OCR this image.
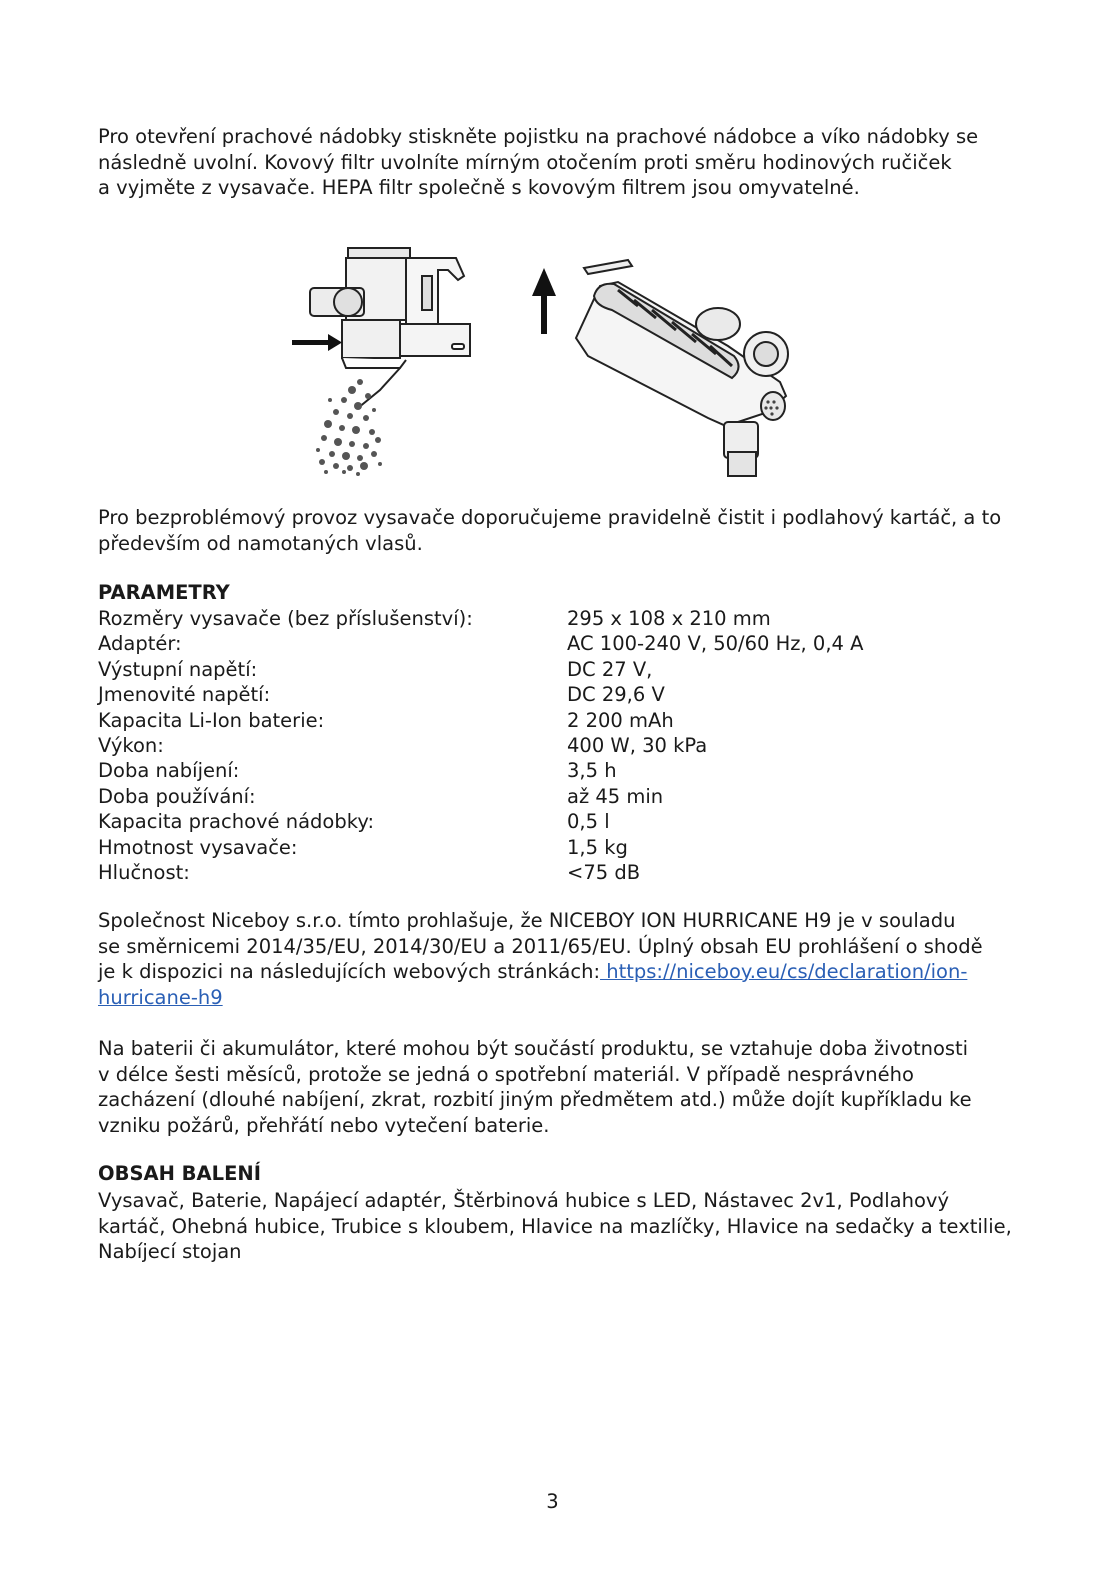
Pro otevření prachové nádobky stiskněte pojistku na prachové nádobce a víko nádobky se
následně uvolní. Kovový filtr uvolníte mírným otočením proti směru hodinových ručiček
a vyjměte z vysavače. HEPA filtr společně s kovovým filtrem jsou omyvatelné.

Pro bezproblémový provoz vysavače doporučujeme pravidelně čistit i podlahový kartáč, a to
především od namotaných vlasů.

PARAMETRY
Rozměry vysavače (bez příslušenství):	295 x 108 x 210 mm
Adaptér:	AC 100-240 V, 50/60 Hz, 0,4 A
Výstupní napětí:	DC 27 V,
Jmenovité napětí:	DC 29,6 V
Kapacita Li-Ion baterie:	2 200 mAh
Výkon:	400 W, 30 kPa
Doba nabíjení:	3,5 h
Doba používání:	až 45 min
Kapacita prachové nádobky:	0,5 l
Hmotnost vysavače:	1,5 kg
Hlučnost:	<75 dB

Společnost Niceboy s.r.o. tímto prohlašuje, že NICEBOY ION HURRICANE H9 je v souladu
se směrnicemi 2014/35/EU, 2014/30/EU a 2011/65/EU. Úplný obsah EU prohlášení o shodě
je k dispozici na následujících webových stránkách: https://niceboy.eu/cs/declaration/ion-
hurricane-h9

Na baterii či akumulátor, které mohou být součástí produktu, se vztahuje doba životnosti
v délce šesti měsíců, protože se jedná o spotřební materiál. V případě nesprávného
zacházení (dlouhé nabíjení, zkrat, rozbití jiným předmětem atd.) může dojít kupříkladu ke
vzniku požárů, přehřátí nebo vytečení baterie.

OBSAH BALENÍ

Vysavač, Baterie, Napájecí adaptér, Štěrbinová hubice s LED, Nástavec 2v1, Podlahový
kartáč, Ohebná hubice, Trubice s kloubem, Hlavice na mazlíčky, Hlavice na sedačky a textilie,
Nabíjecí stojan

3
